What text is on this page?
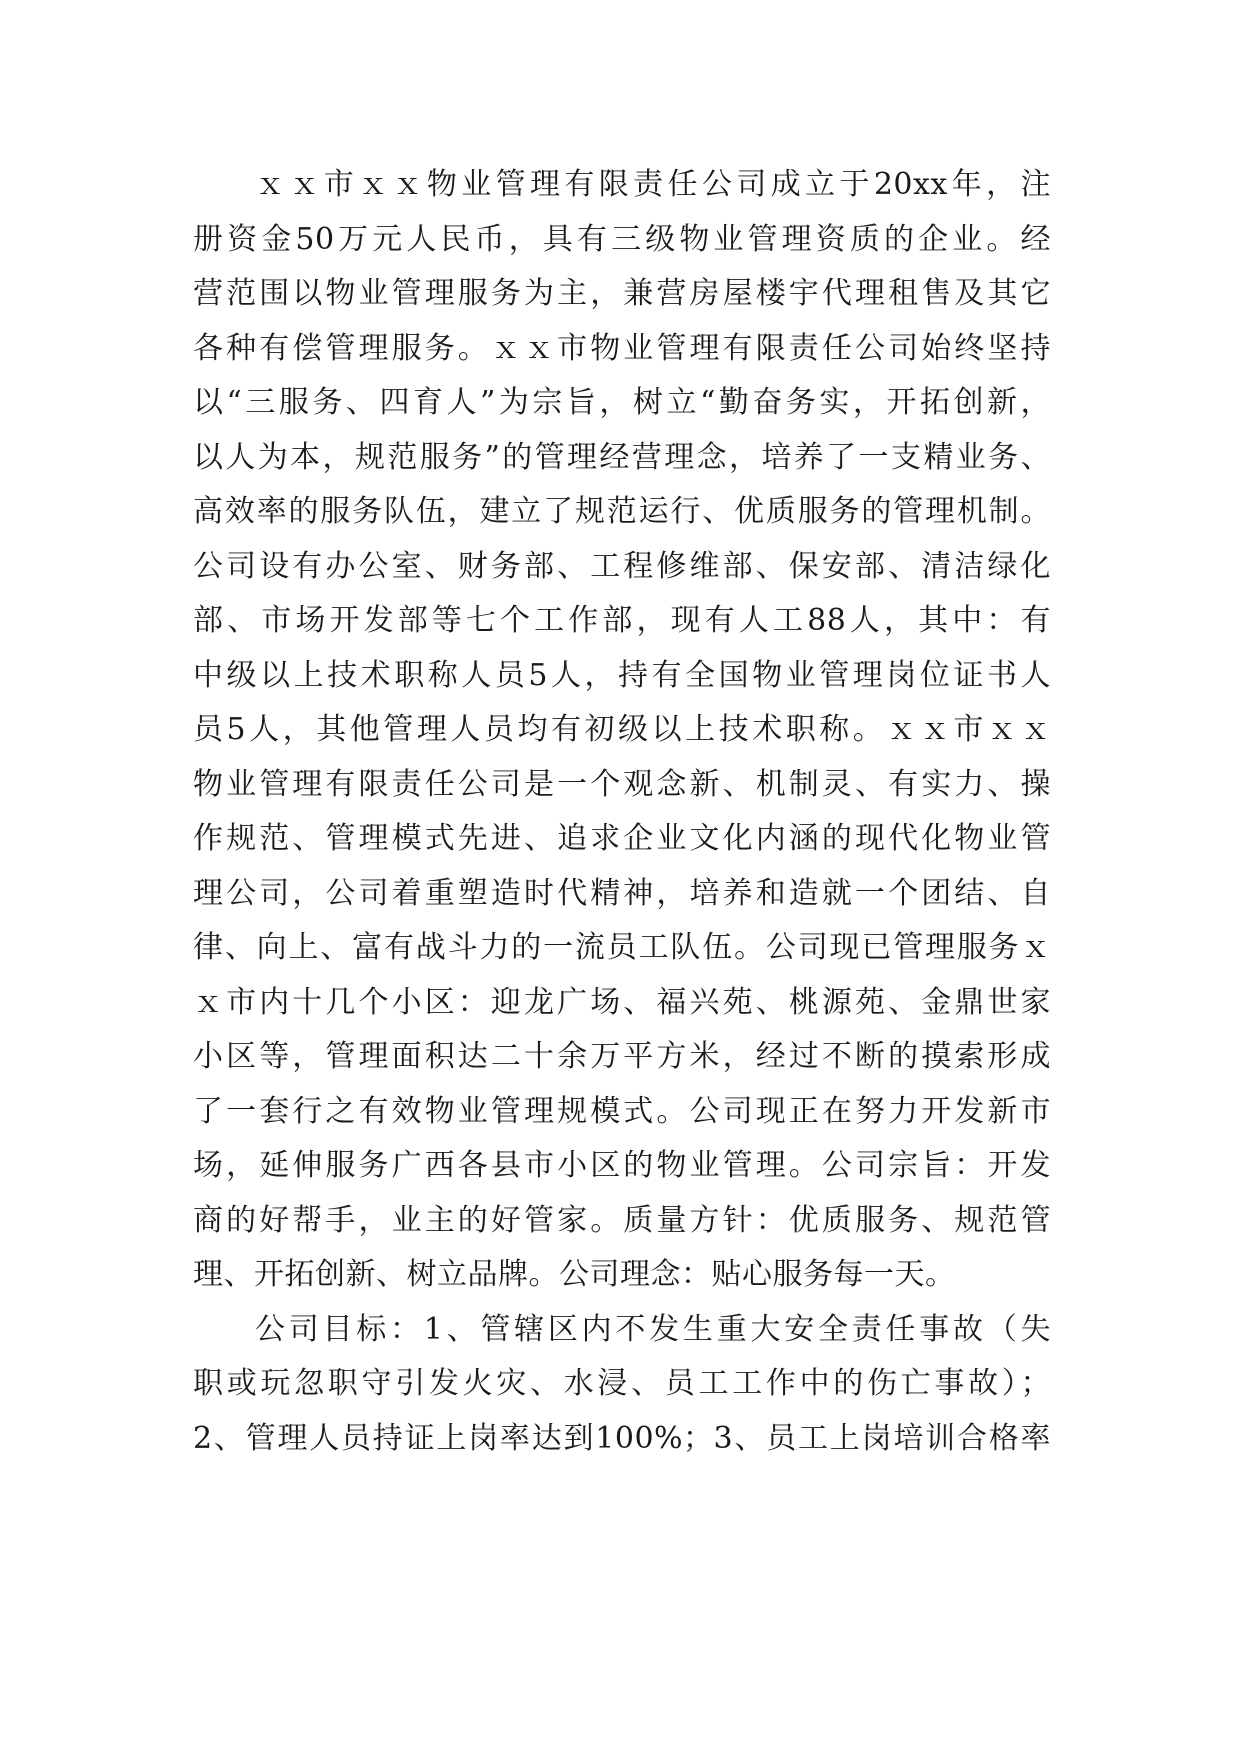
ｘｘ市ｘｘ物业管理有限责任公司成立于20xx年，注
册资金50万元人民币，具有三级物业管理资质的企业。经
营范围以物业管理服务为主，兼营房屋楼宇代理租售及其它
各种有偿管理服务。ｘｘ市物业管理有限责任公司始终坚持
以“三服务、四育人”为宗旨，树立“勤奋务实，开拓创新，
以人为本，规范服务”的管理经营理念，培养了一支精业务、
高效率的服务队伍，建立了规范运行、优质服务的管理机制。
公司设有办公室、财务部、工程修维部、保安部、清洁绿化
部、市场开发部等七个工作部，现有人工88人，其中：有
中级以上技术职称人员5人，持有全国物业管理岗位证书人
员5人，其他管理人员均有初级以上技术职称。ｘｘ市ｘｘ
物业管理有限责任公司是一个观念新、机制灵、有实力、操
作规范、管理模式先进、追求企业文化内涵的现代化物业管
理公司，公司着重塑造时代精神，培养和造就一个团结、自
律、向上、富有战斗力的一流员工队伍。公司现已管理服务ｘ
ｘ市内十几个小区：迎龙广场、福兴苑、桃源苑、金鼎世家
小区等，管理面积达二十余万平方米，经过不断的摸索形成
了一套行之有效物业管理规模式。公司现正在努力开发新市
场，延伸服务广西各县市小区的物业管理。公司宗旨：开发
商的好帮手，业主的好管家。质量方针：优质服务、规范管
理、开拓创新、树立品牌。公司理念：贴心服务每一天。
公司目标：1、管辖区内不发生重大安全责任事故（失
职或玩忽职守引发火灾、水浸、员工工作中的伤亡事故）；
2、管理人员持证上岗率达到100%；3、员工上岗培训合格率
